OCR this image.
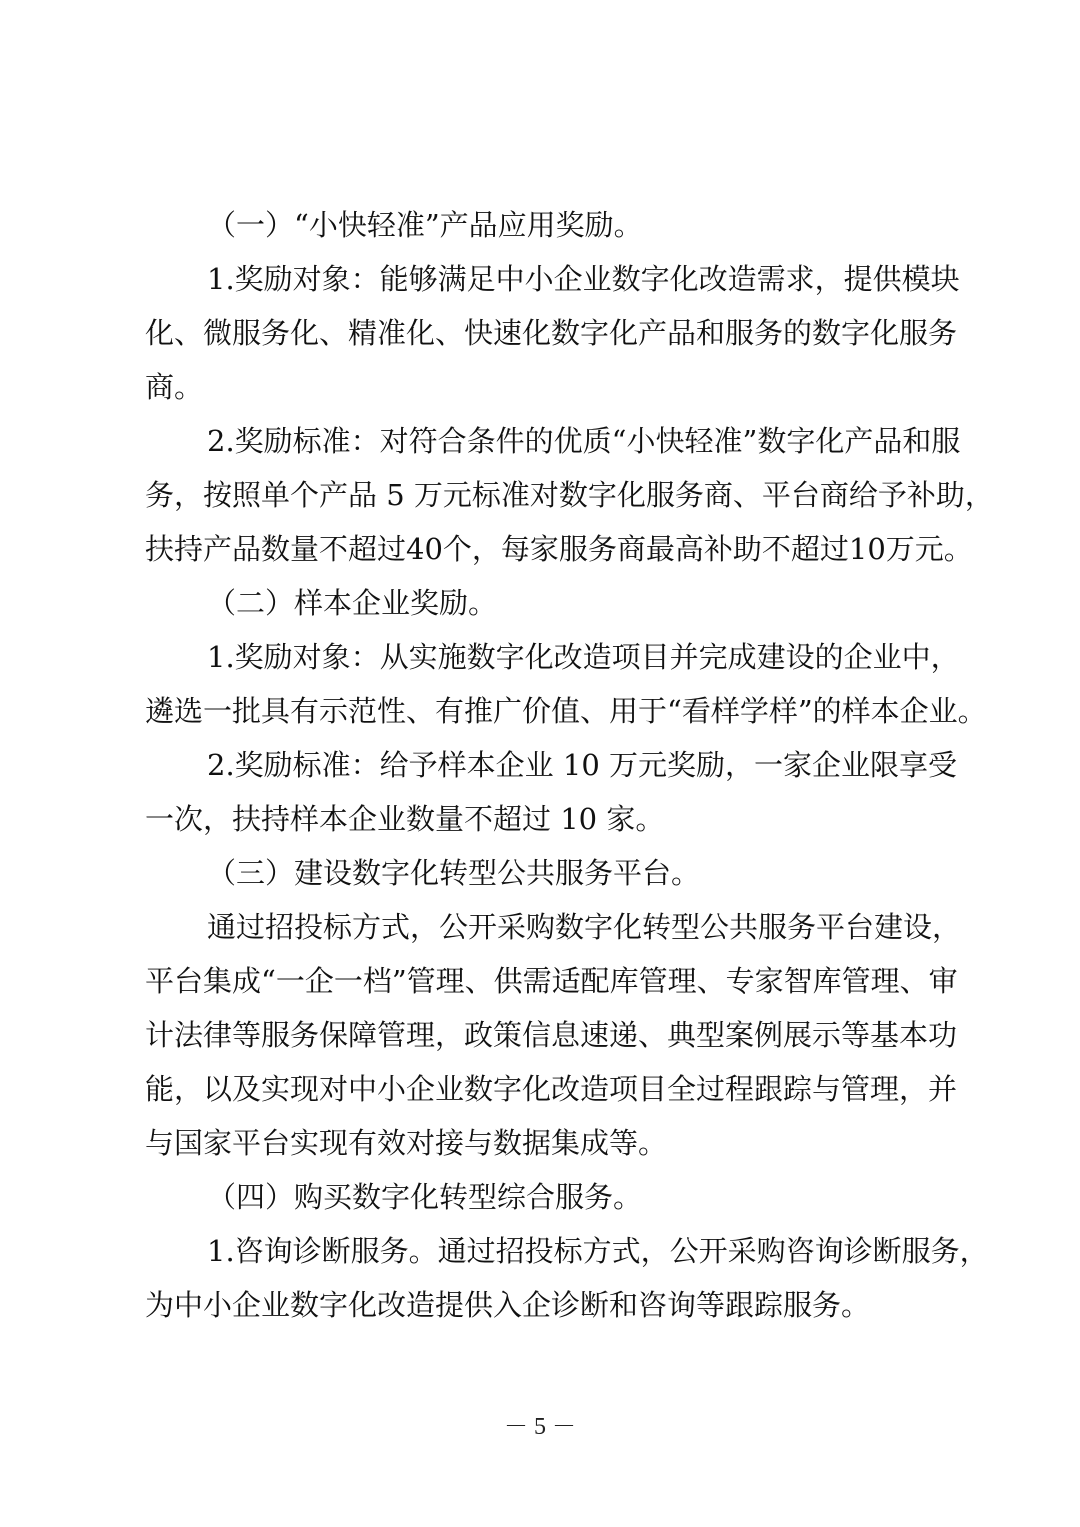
（一）“小快轻准”产品应用奖励。
1.奖励对象：能够满足中小企业数字化改造需求，提供模块
化、微服务化、精准化、快速化数字化产品和服务的数字化服务
商。
2.奖励标准：对符合条件的优质“小快轻准”数字化产品和服
务，按照单个产品 5 万元标准对数字化服务商、平台商给予补助，
扶持产品数量不超过40个，每家服务商最高补助不超过10万元。
（二）样本企业奖励。
1.奖励对象：从实施数字化改造项目并完成建设的企业中，
遴选一批具有示范性、有推广价值、用于“看样学样”的样本企业。
2.奖励标准：给予样本企业 10 万元奖励，一家企业限享受
一次，扶持样本企业数量不超过 10 家。
（三）建设数字化转型公共服务平台。
通过招投标方式，公开采购数字化转型公共服务平台建设，
平台集成“一企一档”管理、供需适配库管理、专家智库管理、审
计法律等服务保障管理，政策信息速递、典型案例展示等基本功
能，以及实现对中小企业数字化改造项目全过程跟踪与管理，并
与国家平台实现有效对接与数据集成等。
（四）购买数字化转型综合服务。
1.咨询诊断服务。通过招投标方式，公开采购咨询诊断服务，
为中小企业数字化改造提供入企诊断和咨询等跟踪服务。
－ 5 －
